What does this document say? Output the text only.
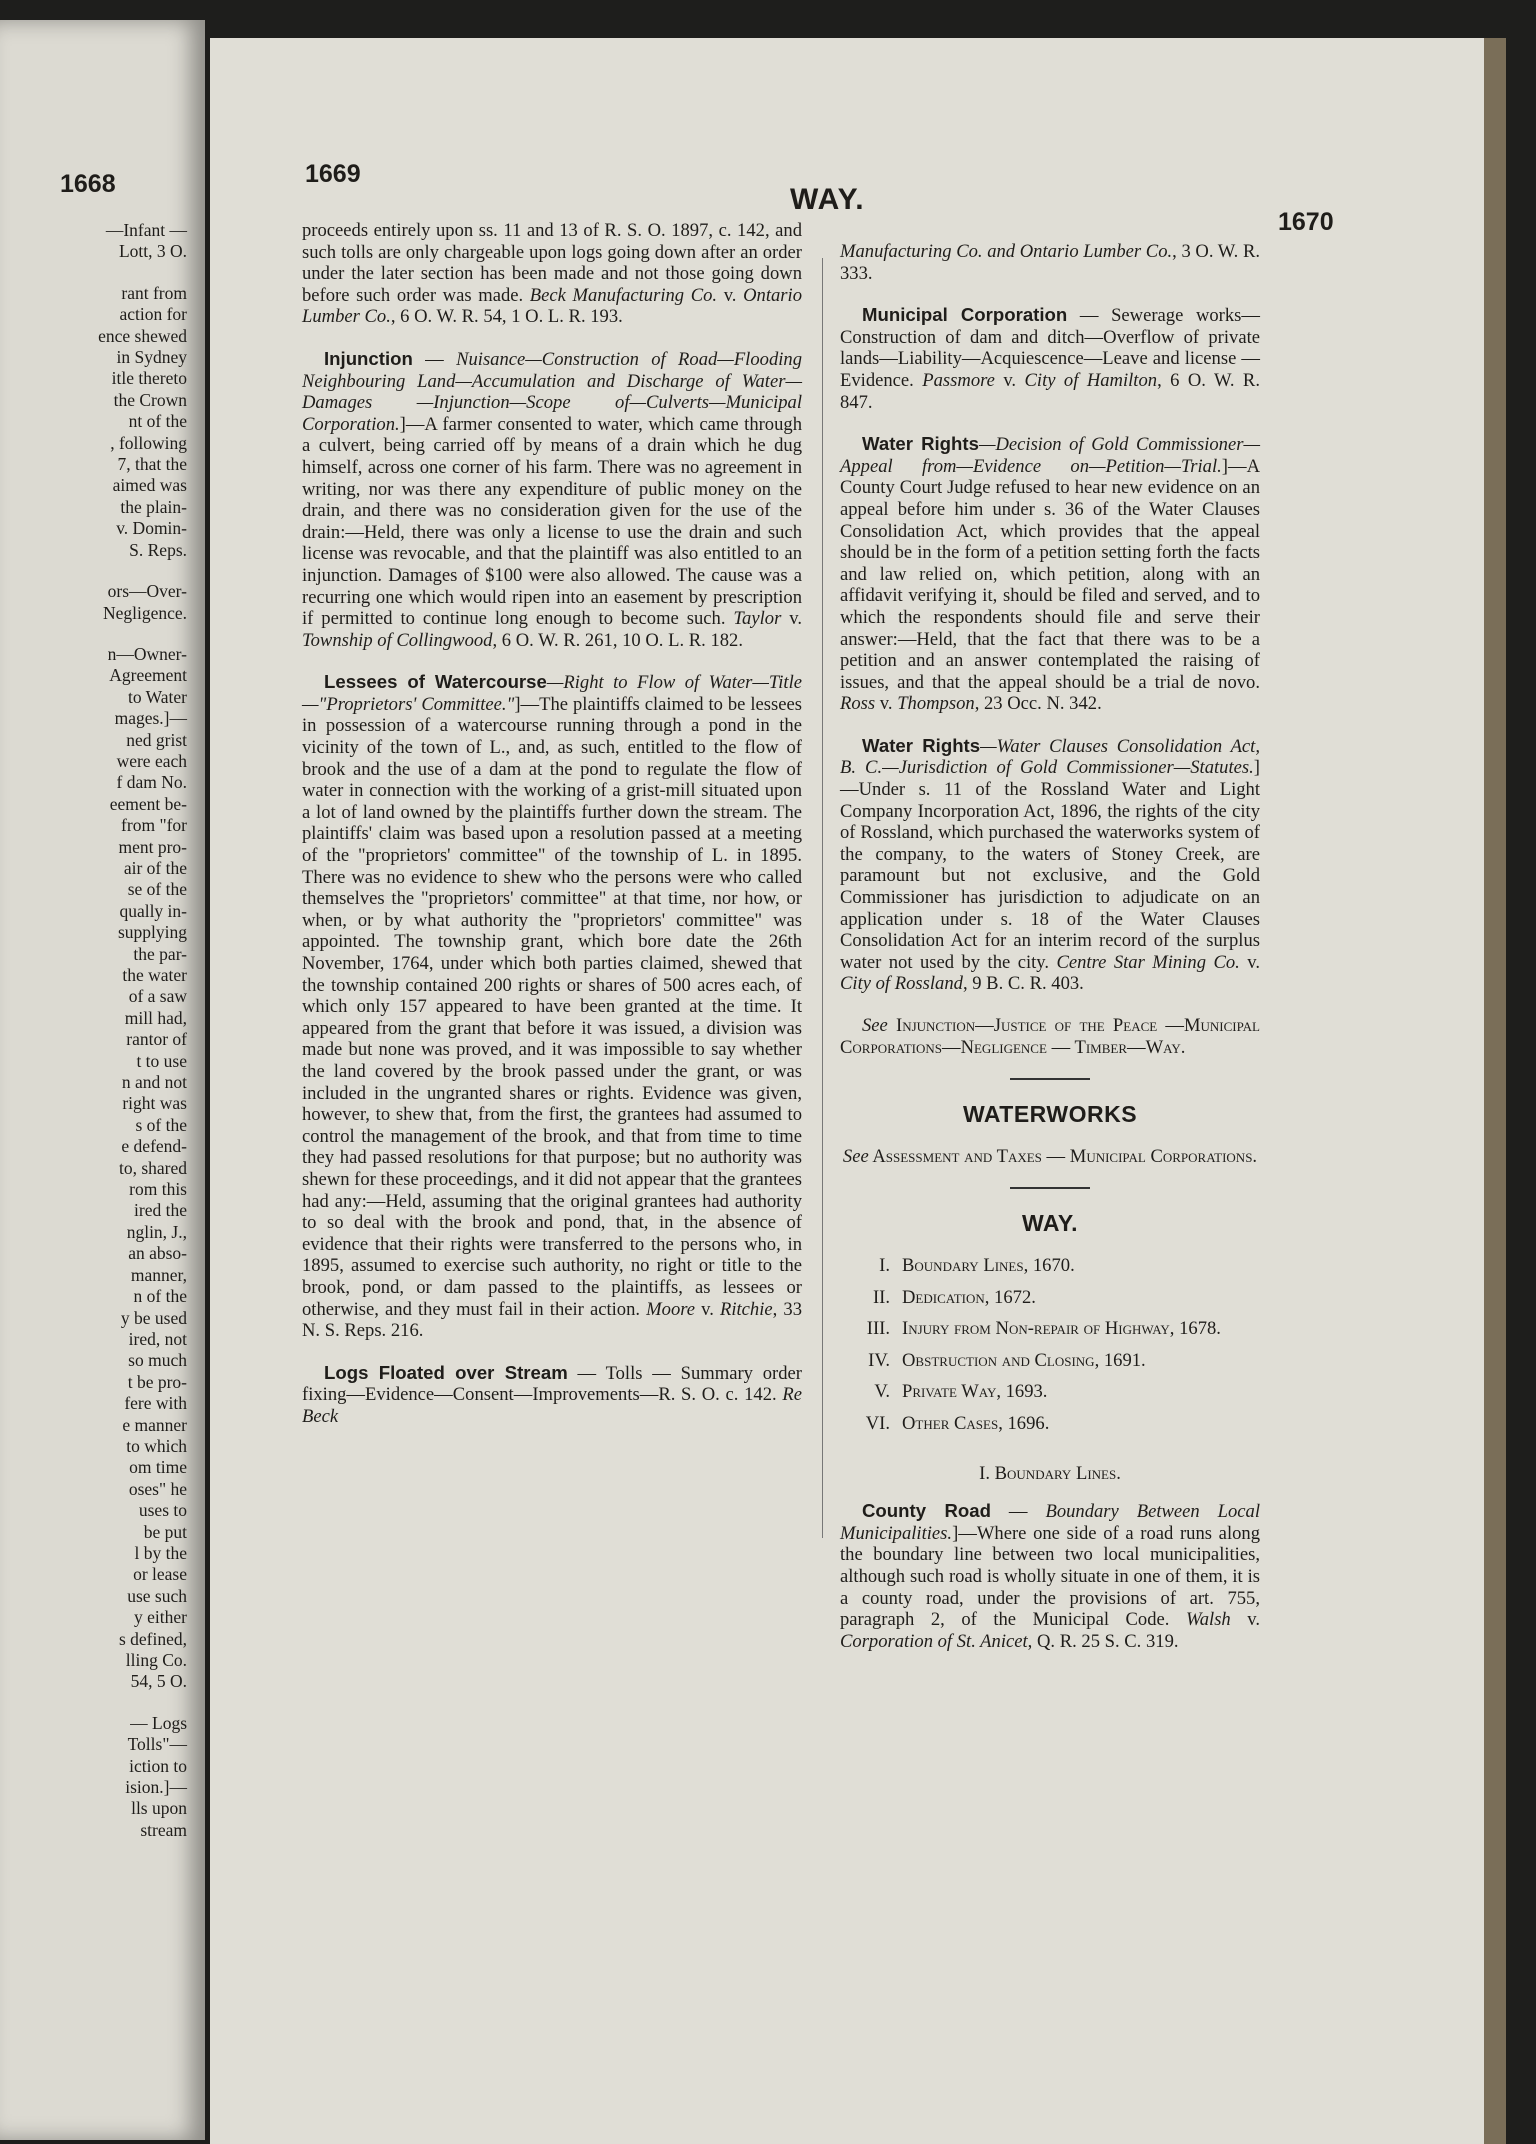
1668
—Infant —
Lott, 3 O.
rant from
action for
ence shewed
in Sydney
itle thereto
the Crown
nt of the
, following
7, that the
aimed was
the plain-
v. Domin-
S. Reps.
ors—Over-
Negligence.
n—Owner-
Agreement
to Water
mages.]—
ned grist
were each
f dam No.
eement be-
from "for
ment pro-
air of the
se of the
qually in-
supplying
the par-
the water
of a saw
mill had,
rantor of
t to use
n and not
right was
s of the
e defend-
to, shared
rom this
ired the
nglin, J.,
an abso-
manner,
n of the
y be used
ired, not
so much
t be pro-
fere with
e manner
to which
om time
oses" he
uses to
be put
l by the
or lease
use such
y either
s defined,
lling Co.
54, 5 O.
— Logs
Tolls"—
iction to
ision.]—
lls upon
stream
1669
WAY.
1670

proceeds entirely upon ss. 11 and 13 of R. S. O. 1897, c. 142, and such tolls are only chargeable upon logs going down after an order under the later section has been made and not those going down before such order was made. Beck Manufacturing Co. v. Ontario Lumber Co., 6 O. W. R. 54, 1 O. L. R. 193.

Injunction — Nuisance—Construction of Road—Flooding Neighbouring Land—Accumulation and Discharge of Water—Damages —Injunction—Scope of—Culverts—Municipal Corporation.]—A farmer consented to water, which came through a culvert, being carried off by means of a drain which he dug himself, across one corner of his farm. There was no agreement in writing, nor was there any expenditure of public money on the drain, and there was no consideration given for the use of the drain:—Held, there was only a license to use the drain and such license was revocable, and that the plaintiff was also entitled to an injunction. Damages of $100 were also allowed. The cause was a recurring one which would ripen into an easement by prescription if permitted to continue long enough to become such. Taylor v. Township of Collingwood, 6 O. W. R. 261, 10 O. L. R. 182.

Lessees of Watercourse—Right to Flow of Water—Title—"Proprietors' Committee."]—The plaintiffs claimed to be lessees in possession of a watercourse running through a pond in the vicinity of the town of L., and, as such, entitled to the flow of brook and the use of a dam at the pond to regulate the flow of water in connection with the working of a grist-mill situated upon a lot of land owned by the plaintiffs further down the stream. The plaintiffs' claim was based upon a resolution passed at a meeting of the "proprietors' committee" of the township of L. in 1895. There was no evidence to shew who the persons were who called themselves the "proprietors' committee" at that time, nor how, or when, or by what authority the "proprietors' committee" was appointed. The township grant, which bore date the 26th November, 1764, under which both parties claimed, shewed that the township contained 200 rights or shares of 500 acres each, of which only 157 appeared to have been granted at the time. It appeared from the grant that before it was issued, a division was made but none was proved, and it was impossible to say whether the land covered by the brook passed under the grant, or was included in the ungranted shares or rights. Evidence was given, however, to shew that, from the first, the grantees had assumed to control the management of the brook, and that from time to time they had passed resolutions for that purpose; but no authority was shewn for these proceedings, and it did not appear that the grantees had any:—Held, assuming that the original grantees had authority to so deal with the brook and pond, that, in the absence of evidence that their rights were transferred to the persons who, in 1895, assumed to exercise such authority, no right or title to the brook, pond, or dam passed to the plaintiffs, as lessees or otherwise, and they must fail in their action. Moore v. Ritchie, 33 N. S. Reps. 216.

Logs Floated over Stream — Tolls — Summary order fixing—Evidence—Consent—Improvements—R. S. O. c. 142. Re Beck

Manufacturing Co. and Ontario Lumber Co., 3 O. W. R. 333.

Municipal Corporation — Sewerage works—Construction of dam and ditch—Overflow of private lands—Liability—Acquiescence—Leave and license — Evidence. Passmore v. City of Hamilton, 6 O. W. R. 847.

Water Rights—Decision of Gold Commissioner—Appeal from—Evidence on—Petition—Trial.]—A County Court Judge refused to hear new evidence on an appeal before him under s. 36 of the Water Clauses Consolidation Act, which provides that the appeal should be in the form of a petition setting forth the facts and law relied on, which petition, along with an affidavit verifying it, should be filed and served, and to which the respondents should file and serve their answer:—Held, that the fact that there was to be a petition and an answer contemplated the raising of issues, and that the appeal should be a trial de novo. Ross v. Thompson, 23 Occ. N. 342.

Water Rights—Water Clauses Consolidation Act, B. C.—Jurisdiction of Gold Commissioner—Statutes.]—Under s. 11 of the Rossland Water and Light Company Incorporation Act, 1896, the rights of the city of Rossland, which purchased the waterworks system of the company, to the waters of Stoney Creek, are paramount but not exclusive, and the Gold Commissioner has jurisdiction to adjudicate on an application under s. 18 of the Water Clauses Consolidation Act for an interim record of the surplus water not used by the city. Centre Star Mining Co. v. City of Rossland, 9 B. C. R. 403.

See Injunction—Justice of the Peace —Municipal Corporations—Negligence — Timber—Way.

WATERWORKS

See Assessment and Taxes — Municipal Corporations.

WAY.
I. Boundary Lines, 1670.
II. Dedication, 1672.
III. Injury from Non-repair of Highway, 1678.
IV. Obstruction and Closing, 1691.
V. Private Way, 1693.
VI. Other Cases, 1696.
I. Boundary Lines.

County Road — Boundary Between Local Municipalities.]—Where one side of a road runs along the boundary line between two local municipalities, although such road is wholly situate in one of them, it is a county road, under the provisions of art. 755, paragraph 2, of the Municipal Code. Walsh v. Corporation of St. Anicet, Q. R. 25 S. C. 319.
